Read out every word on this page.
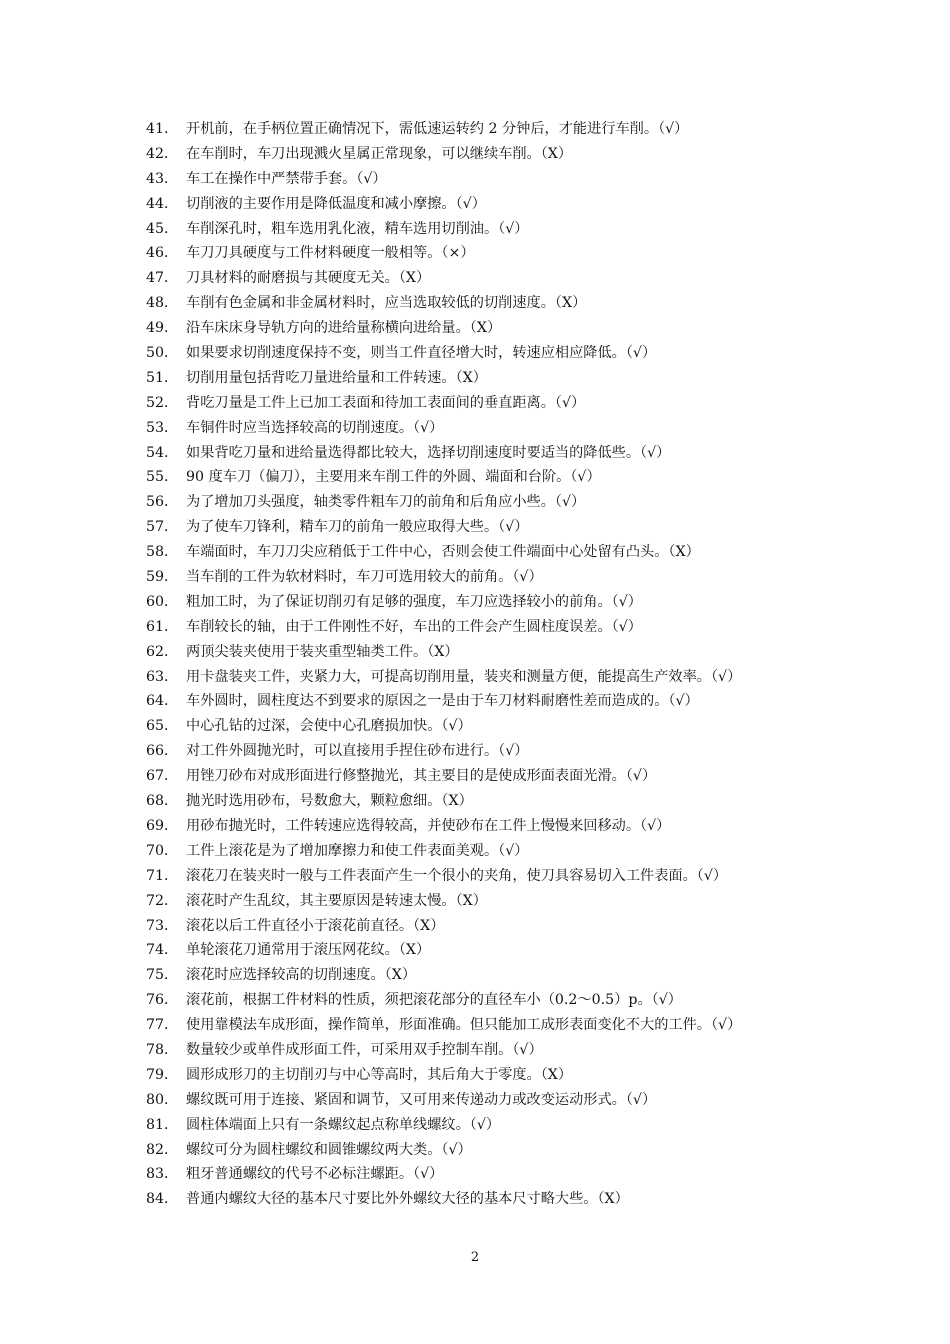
41． 开机前，在手柄位置正确情况下，需低速运转约 2 分钟后，才能进行车削。（√）
42． 在车削时，车刀出现溅火星属正常现象，可以继续车削。（X）
43． 车工在操作中严禁带手套。（√）
44． 切削液的主要作用是降低温度和减小摩擦。（√）
45． 车削深孔时，粗车选用乳化液，精车选用切削油。（√）
46． 车刀刀具硬度与工件材料硬度一般相等。（×）
47． 刀具材料的耐磨损与其硬度无关。（X）
48． 车削有色金属和非金属材料时，应当选取较低的切削速度。（X）
49． 沿车床床身导轨方向的进给量称横向进给量。（X）
50． 如果要求切削速度保持不变，则当工件直径增大时，转速应相应降低。（√）
51． 切削用量包括背吃刀量进给量和工件转速。（X）
52． 背吃刀量是工件上已加工表面和待加工表面间的垂直距离。（√）
53． 车铜件时应当选择较高的切削速度。（√）
54． 如果背吃刀量和进给量选得都比较大，选择切削速度时要适当的降低些。（√）
55． 90 度车刀（偏刀），主要用来车削工件的外圆、端面和台阶。（√）
56． 为了增加刀头强度，轴类零件粗车刀的前角和后角应小些。（√）
57． 为了使车刀锋利，精车刀的前角一般应取得大些。（√）
58． 车端面时，车刀刀尖应稍低于工件中心，否则会使工件端面中心处留有凸头。（X）
59． 当车削的工件为软材料时，车刀可选用较大的前角。（√）
60． 粗加工时，为了保证切削刃有足够的强度，车刀应选择较小的前角。（√）
61． 车削较长的轴，由于工件刚性不好，车出的工件会产生圆柱度误差。（√）
62． 两顶尖装夹使用于装夹重型轴类工件。（X）
63． 用卡盘装夹工件，夹紧力大，可提高切削用量，装夹和测量方便，能提高生产效率。（√）
64． 车外圆时，圆柱度达不到要求的原因之一是由于车刀材料耐磨性差而造成的。（√）
65． 中心孔钻的过深，会使中心孔磨损加快。（√）
66． 对工件外圆抛光时，可以直接用手捏住砂布进行。（√）
67． 用锉刀砂布对成形面进行修整抛光，其主要目的是使成形面表面光滑。（√）
68． 抛光时选用砂布，号数愈大，颗粒愈细。（X）
69． 用砂布抛光时，工件转速应选得较高，并使砂布在工件上慢慢来回移动。（√）
70． 工件上滚花是为了增加摩擦力和使工件表面美观。（√）
71． 滚花刀在装夹时一般与工件表面产生一个很小的夹角，使刀具容易切入工件表面。（√）
72． 滚花时产生乱纹，其主要原因是转速太慢。（X）
73． 滚花以后工件直径小于滚花前直径。（X）
74． 单轮滚花刀通常用于滚压网花纹。（X）
75． 滚花时应选择较高的切削速度。（X）
76． 滚花前，根据工件材料的性质，须把滚花部分的直径车小（0.2～0.5）p。（√）
77． 使用靠模法车成形面，操作简单，形面准确。但只能加工成形表面变化不大的工件。（√）
78． 数量较少或单件成形面工件，可采用双手控制车削。（√）
79． 圆形成形刀的主切削刃与中心等高时，其后角大于零度。（X）
80． 螺纹既可用于连接、紧固和调节，又可用来传递动力或改变运动形式。（√）
81． 圆柱体端面上只有一条螺纹起点称单线螺纹。（√）
82． 螺纹可分为圆柱螺纹和圆锥螺纹两大类。（√）
83． 粗牙普通螺纹的代号不必标注螺距。（√）
84． 普通内螺纹大径的基本尺寸要比外外螺纹大径的基本尺寸略大些。（X）
2
